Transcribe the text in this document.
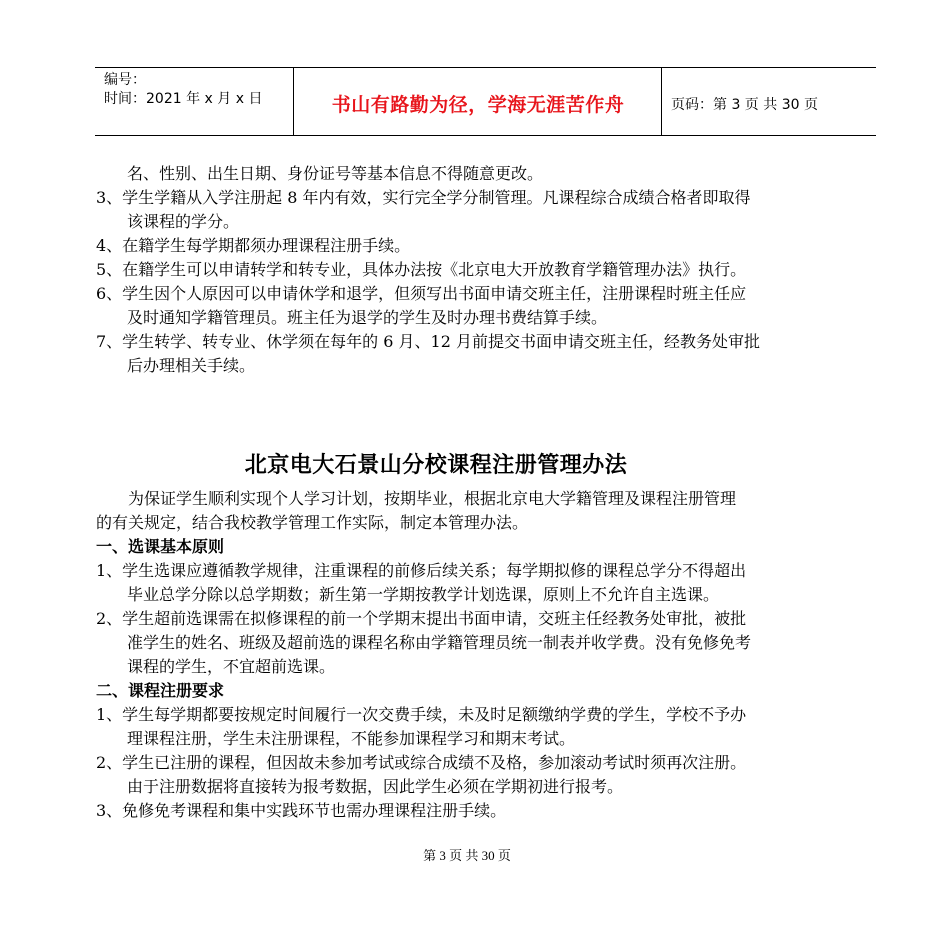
编号：
时间：2021 年 x 月 x 日	书山有路勤为径，学海无涯苦作舟	页码：第 3 页 共 30 页
名、性别、出生日期、身份证号等基本信息不得随意更改。
3、学生学籍从入学注册起 8 年内有效，实行完全学分制管理。凡课程综合成绩合格者即取得
该课程的学分。
4、在籍学生每学期都须办理课程注册手续。
5、在籍学生可以申请转学和转专业，具体办法按《北京电大开放教育学籍管理办法》执行。
6、学生因个人原因可以申请休学和退学，但须写出书面申请交班主任，注册课程时班主任应
及时通知学籍管理员。班主任为退学的学生及时办理书费结算手续。
7、学生转学、转专业、休学须在每年的 6 月、12 月前提交书面申请交班主任，经教务处审批
后办理相关手续。
北京电大石景山分校课程注册管理办法
为保证学生顺利实现个人学习计划，按期毕业，根据北京电大学籍管理及课程注册管理
的有关规定，结合我校教学管理工作实际，制定本管理办法。
一、选课基本原则
1、学生选课应遵循教学规律，注重课程的前修后续关系；每学期拟修的课程总学分不得超出
毕业总学分除以总学期数；新生第一学期按教学计划选课，原则上不允许自主选课。
2、学生超前选课需在拟修课程的前一个学期末提出书面申请，交班主任经教务处审批，被批
准学生的姓名、班级及超前选的课程名称由学籍管理员统一制表并收学费。没有免修免考
课程的学生，不宜超前选课。
二、课程注册要求
1、学生每学期都要按规定时间履行一次交费手续，未及时足额缴纳学费的学生，学校不予办
理课程注册，学生未注册课程，不能参加课程学习和期末考试。
2、学生已注册的课程，但因故未参加考试或综合成绩不及格，参加滚动考试时须再次注册。
由于注册数据将直接转为报考数据，因此学生必须在学期初进行报考。
3、免修免考课程和集中实践环节也需办理课程注册手续。
第 3 页 共 30 页
